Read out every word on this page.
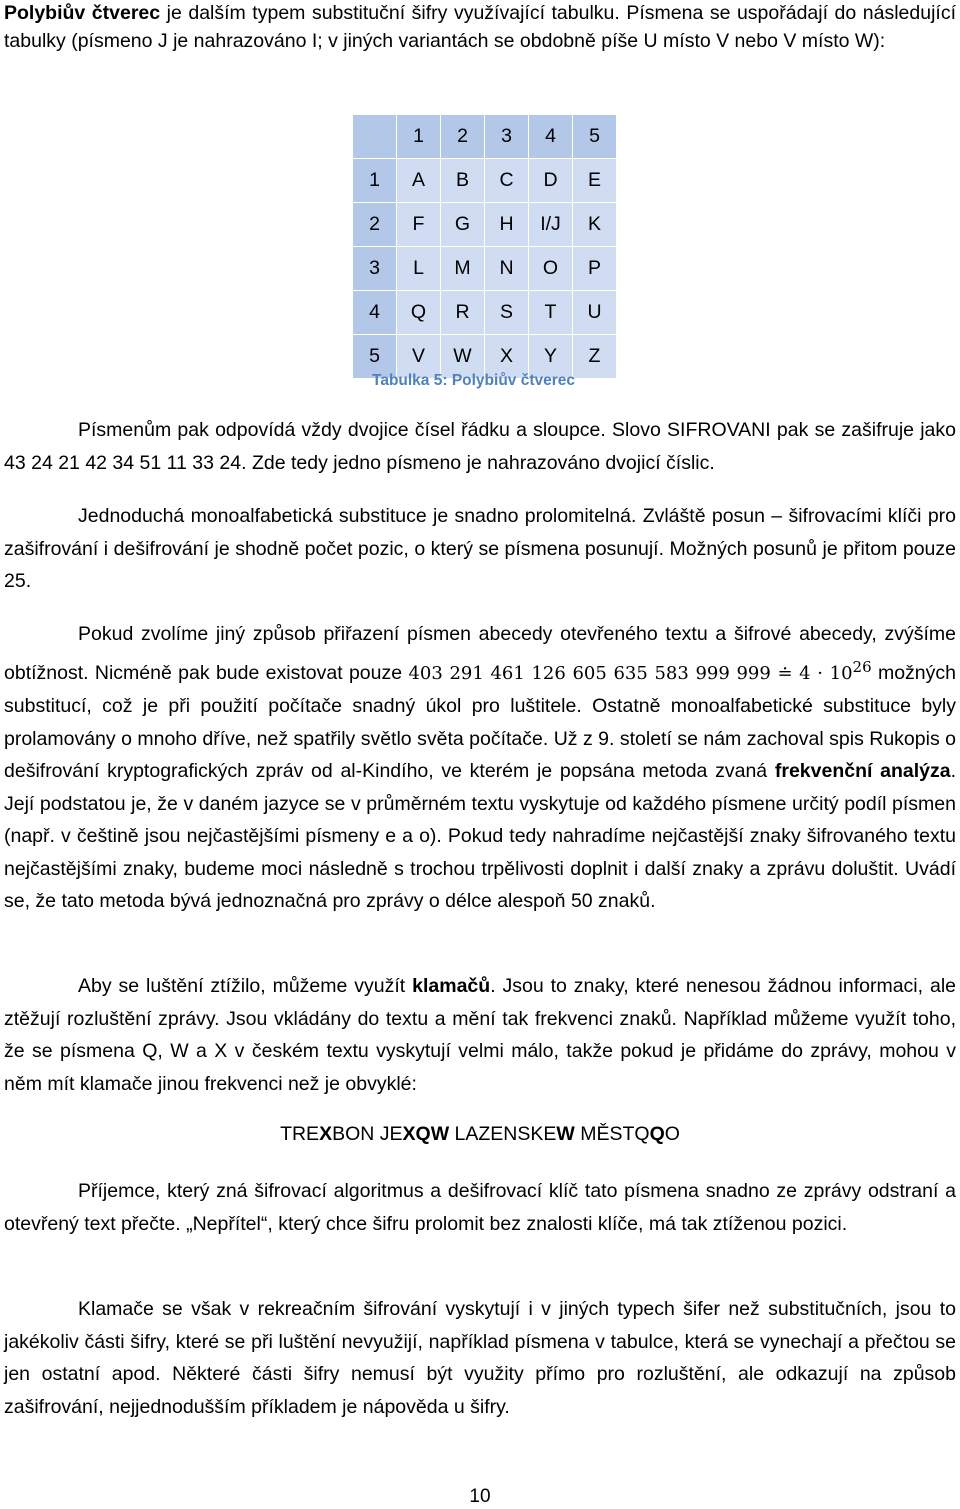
Polybiův čtverec je dalším typem substituční šifry využívající tabulku. Písmena se uspořádají do následující tabulky (písmeno J je nahrazováno I; v jiných variantách se obdobně píše U místo V nebo V místo W):

	1	2	3	4	5
1	A	B	C	D	E
2	F	G	H	I/J	K
3	L	M	N	O	P
4	Q	R	S	T	U
5	V	W	X	Y	Z
Tabulka 5: Polybiův čtverec

Písmenům pak odpovídá vždy dvojice čísel řádku a sloupce. Slovo SIFROVANI pak se zašifruje jako 43 24 21 42 34 51 11 33 24. Zde tedy jedno písmeno je nahrazováno dvojicí číslic.

Jednoduchá monoalfabetická substituce je snadno prolomitelná. Zvláště posun – šifrovacími klíči pro zašifrování i dešifrování je shodně počet pozic, o který se písmena posunují. Možných posunů je přitom pouze 25.

Pokud zvolíme jiný způsob přiřazení písmen abecedy otevřeného textu a šifrové abecedy, zvýšíme obtížnost. Nicméně pak bude existovat pouze 403 291 461 126 605 635 583 999 999 ≐ $4 \cdot 10^{26}$ možných substitucí, což je při použití počítače snadný úkol pro luštitele. Ostatně monoalfabetické substituce byly prolamovány o mnoho dříve, než spatřily světlo světa počítače. Už z 9. století se nám zachoval spis Rukopis o dešifrování kryptografických zpráv od al-Kindího, ve kterém je popsána metoda zvaná frekvenční analýza. Její podstatou je, že v daném jazyce se v průměrném textu vyskytuje od každého písmene určitý podíl písmen (např. v češtině jsou nejčastějšími písmeny e a o). Pokud tedy nahradíme nejčastější znaky šifrovaného textu nejčastějšími znaky, budeme moci následně s trochou trpělivosti doplnit i další znaky a zprávu doluštit. Uvádí se, že tato metoda bývá jednoznačná pro zprávy o délce alespoň 50 znaků.

Aby se luštění ztížilo, můžeme využít klamačů. Jsou to znaky, které nenesou žádnou informaci, ale ztěžují rozluštění zprávy. Jsou vkládány do textu a mění tak frekvenci znaků. Například můžeme využít toho, že se písmena Q, W a X v českém textu vyskytují velmi málo, takže pokud je přidáme do zprávy, mohou v něm mít klamače jinou frekvenci než je obvyklé:

TREXBON JEXQW LAZENSKEW MĚSTQQO

Příjemce, který zná šifrovací algoritmus a dešifrovací klíč tato písmena snadno ze zprávy odstraní a otevřený text přečte. „Nepřítel“, který chce šifru prolomit bez znalosti klíče, má tak ztíženou pozici.

Klamače se však v rekreačním šifrování vyskytují i v jiných typech šifer než substitučních, jsou to jakékoliv části šifry, které se při luštění nevyužijí, například písmena v tabulce, která se vynechají a přečtou se jen ostatní apod. Některé části šifry nemusí být využity přímo pro rozluštění, ale odkazují na způsob zašifrování, nejjednodušším příkladem je nápověda u šifry.

10
